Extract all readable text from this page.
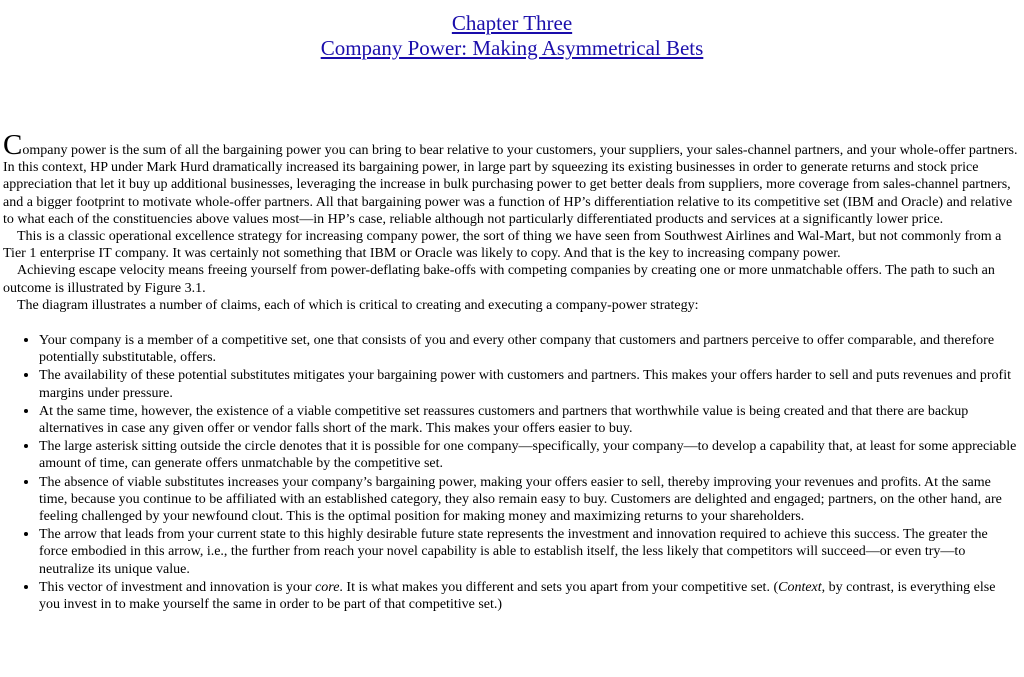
Chapter Three
Company Power: Making Asymmetrical Bets

Company power is the sum of all the bargaining power you can bring to bear relative to your customers, your suppliers, your sales-channel partners, and your whole-offer partners. In this context, HP under Mark Hurd dramatically increased its bargaining power, in large part by squeezing its existing businesses in order to generate returns and stock price appreciation that let it buy up additional businesses, leveraging the increase in bulk purchasing power to get better deals from suppliers, more coverage from sales-channel partners, and a bigger footprint to motivate whole-offer partners. All that bargaining power was a function of HP’s differentiation relative to its competitive set (IBM and Oracle) and relative to what each of the constituencies above values most—in HP’s case, reliable although not particularly differentiated products and services at a significantly lower price.

This is a classic operational excellence strategy for increasing company power, the sort of thing we have seen from Southwest Airlines and Wal-Mart, but not commonly from a Tier 1 enterprise IT company. It was certainly not something that IBM or Oracle was likely to copy. And that is the key to increasing company power.

Achieving escape velocity means freeing yourself from power-deflating bake-offs with competing companies by creating one or more unmatchable offers. The path to such an outcome is illustrated by Figure 3.1.

The diagram illustrates a number of claims, each of which is critical to creating and executing a company-power strategy:

• Your company is a member of a competitive set, one that consists of you and every other company that customers and partners perceive to offer comparable, and therefore potentially substitutable, offers.
• The availability of these potential substitutes mitigates your bargaining power with customers and partners. This makes your offers harder to sell and puts revenues and profit margins under pressure.
• At the same time, however, the existence of a viable competitive set reassures customers and partners that worthwhile value is being created and that there are backup alternatives in case any given offer or vendor falls short of the mark. This makes your offers easier to buy.
• The large asterisk sitting outside the circle denotes that it is possible for one company—specifically, your company—to develop a capability that, at least for some appreciable amount of time, can generate offers unmatchable by the competitive set.
• The absence of viable substitutes increases your company’s bargaining power, making your offers easier to sell, thereby improving your revenues and profits. At the same time, because you continue to be affiliated with an established category, they also remain easy to buy. Customers are delighted and engaged; partners, on the other hand, are feeling challenged by your newfound clout. This is the optimal position for making money and maximizing returns to your shareholders.
• The arrow that leads from your current state to this highly desirable future state represents the investment and innovation required to achieve this success. The greater the force embodied in this arrow, i.e., the further from reach your novel capability is able to establish itself, the less likely that competitors will succeed—or even try—to neutralize its unique value.
• This vector of investment and innovation is your core. It is what makes you different and sets you apart from your competitive set. (Context, by contrast, is everything else you invest in to make yourself the same in order to be part of that competitive set.)
